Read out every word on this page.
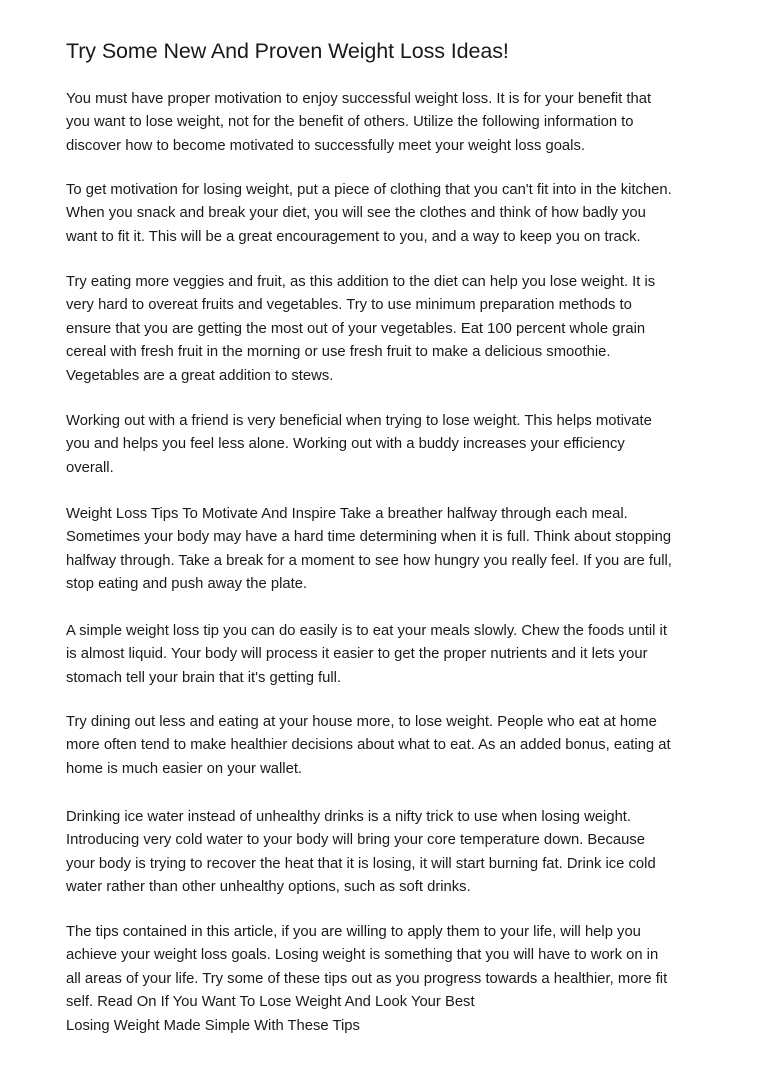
Try Some New And Proven Weight Loss Ideas!

You must have proper motivation to enjoy successful weight loss. It is for your benefit that
you want to lose weight, not for the benefit of others. Utilize the following information to
discover how to become motivated to successfully meet your weight loss goals.

To get motivation for losing weight, put a piece of clothing that you can't fit into in the kitchen.
When you snack and break your diet, you will see the clothes and think of how badly you
want to fit it. This will be a great encouragement to you, and a way to keep you on track.

Try eating more veggies and fruit, as this addition to the diet can help you lose weight. It is
very hard to overeat fruits and vegetables. Try to use minimum preparation methods to
ensure that you are getting the most out of your vegetables. Eat 100 percent whole grain
cereal with fresh fruit in the morning or use fresh fruit to make a delicious smoothie.
Vegetables are a great addition to stews.

Working out with a friend is very beneficial when trying to lose weight. This helps motivate
you and helps you feel less alone. Working out with a buddy increases your efficiency
overall.

Weight Loss Tips To Motivate And Inspire Take a breather halfway through each meal.
Sometimes your body may have a hard time determining when it is full. Think about stopping
halfway through. Take a break for a moment to see how hungry you really feel. If you are full,
stop eating and push away the plate.

A simple weight loss tip you can do easily is to eat your meals slowly. Chew the foods until it
is almost liquid. Your body will process it easier to get the proper nutrients and it lets your
stomach tell your brain that it's getting full.

Try dining out less and eating at your house more, to lose weight. People who eat at home
more often tend to make healthier decisions about what to eat. As an added bonus, eating at
home is much easier on your wallet.

Drinking ice water instead of unhealthy drinks is a nifty trick to use when losing weight.
Introducing very cold water to your body will bring your core temperature down. Because
your body is trying to recover the heat that it is losing, it will start burning fat. Drink ice cold
water rather than other unhealthy options, such as soft drinks.

The tips contained in this article, if you are willing to apply them to your life, will help you
achieve your weight loss goals. Losing weight is something that you will have to work on in
all areas of your life. Try some of these tips out as you progress towards a healthier, more fit
self. Read On If You Want To Lose Weight And Look Your Best
Losing Weight Made Simple With These Tips
